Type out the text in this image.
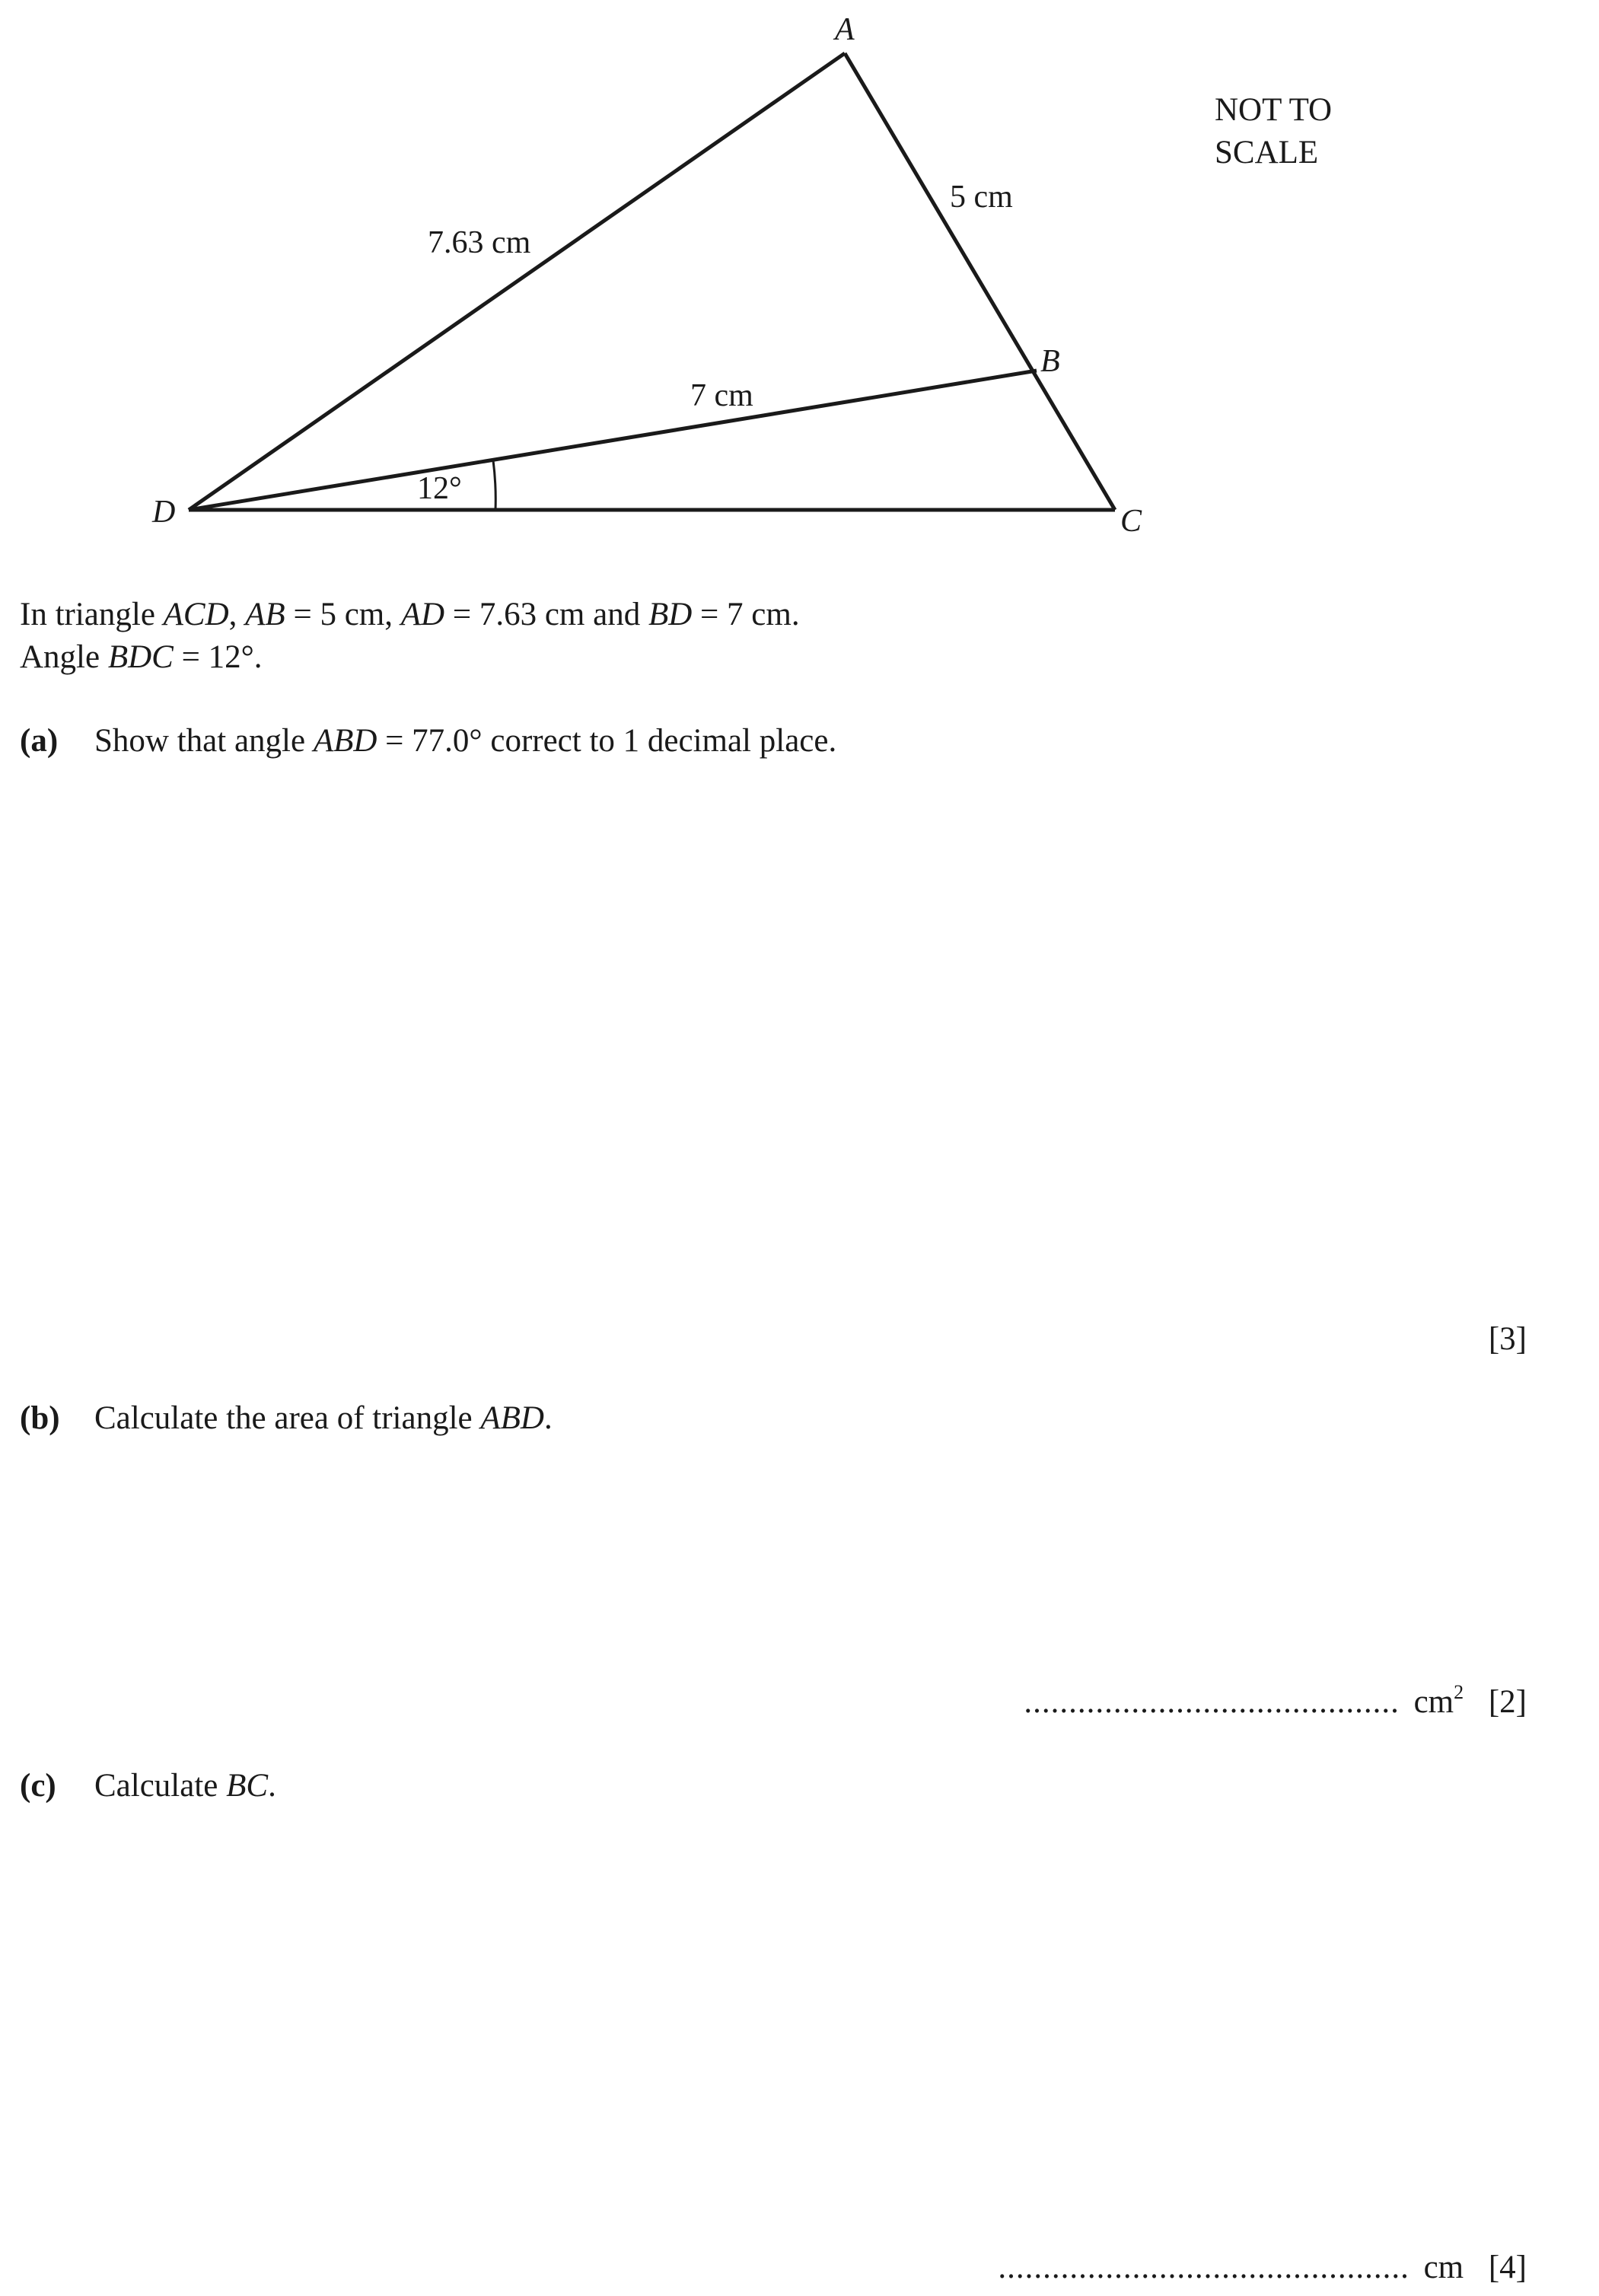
A
B
C
D
7.63 cm
5 cm
7 cm
12°
NOT TO
SCALE
In triangle ACD, AB = 5 cm, AD = 7.63 cm and BD = 7 cm.
Angle BDC = 12°.
(a) Show that angle ABD = 77.0° correct to 1 decimal place.
[3]
(b) Calculate the area of triangle ABD.
.......................................... $cm^2$ [2]
(c) Calculate BC.
.............................................. cm [4]
